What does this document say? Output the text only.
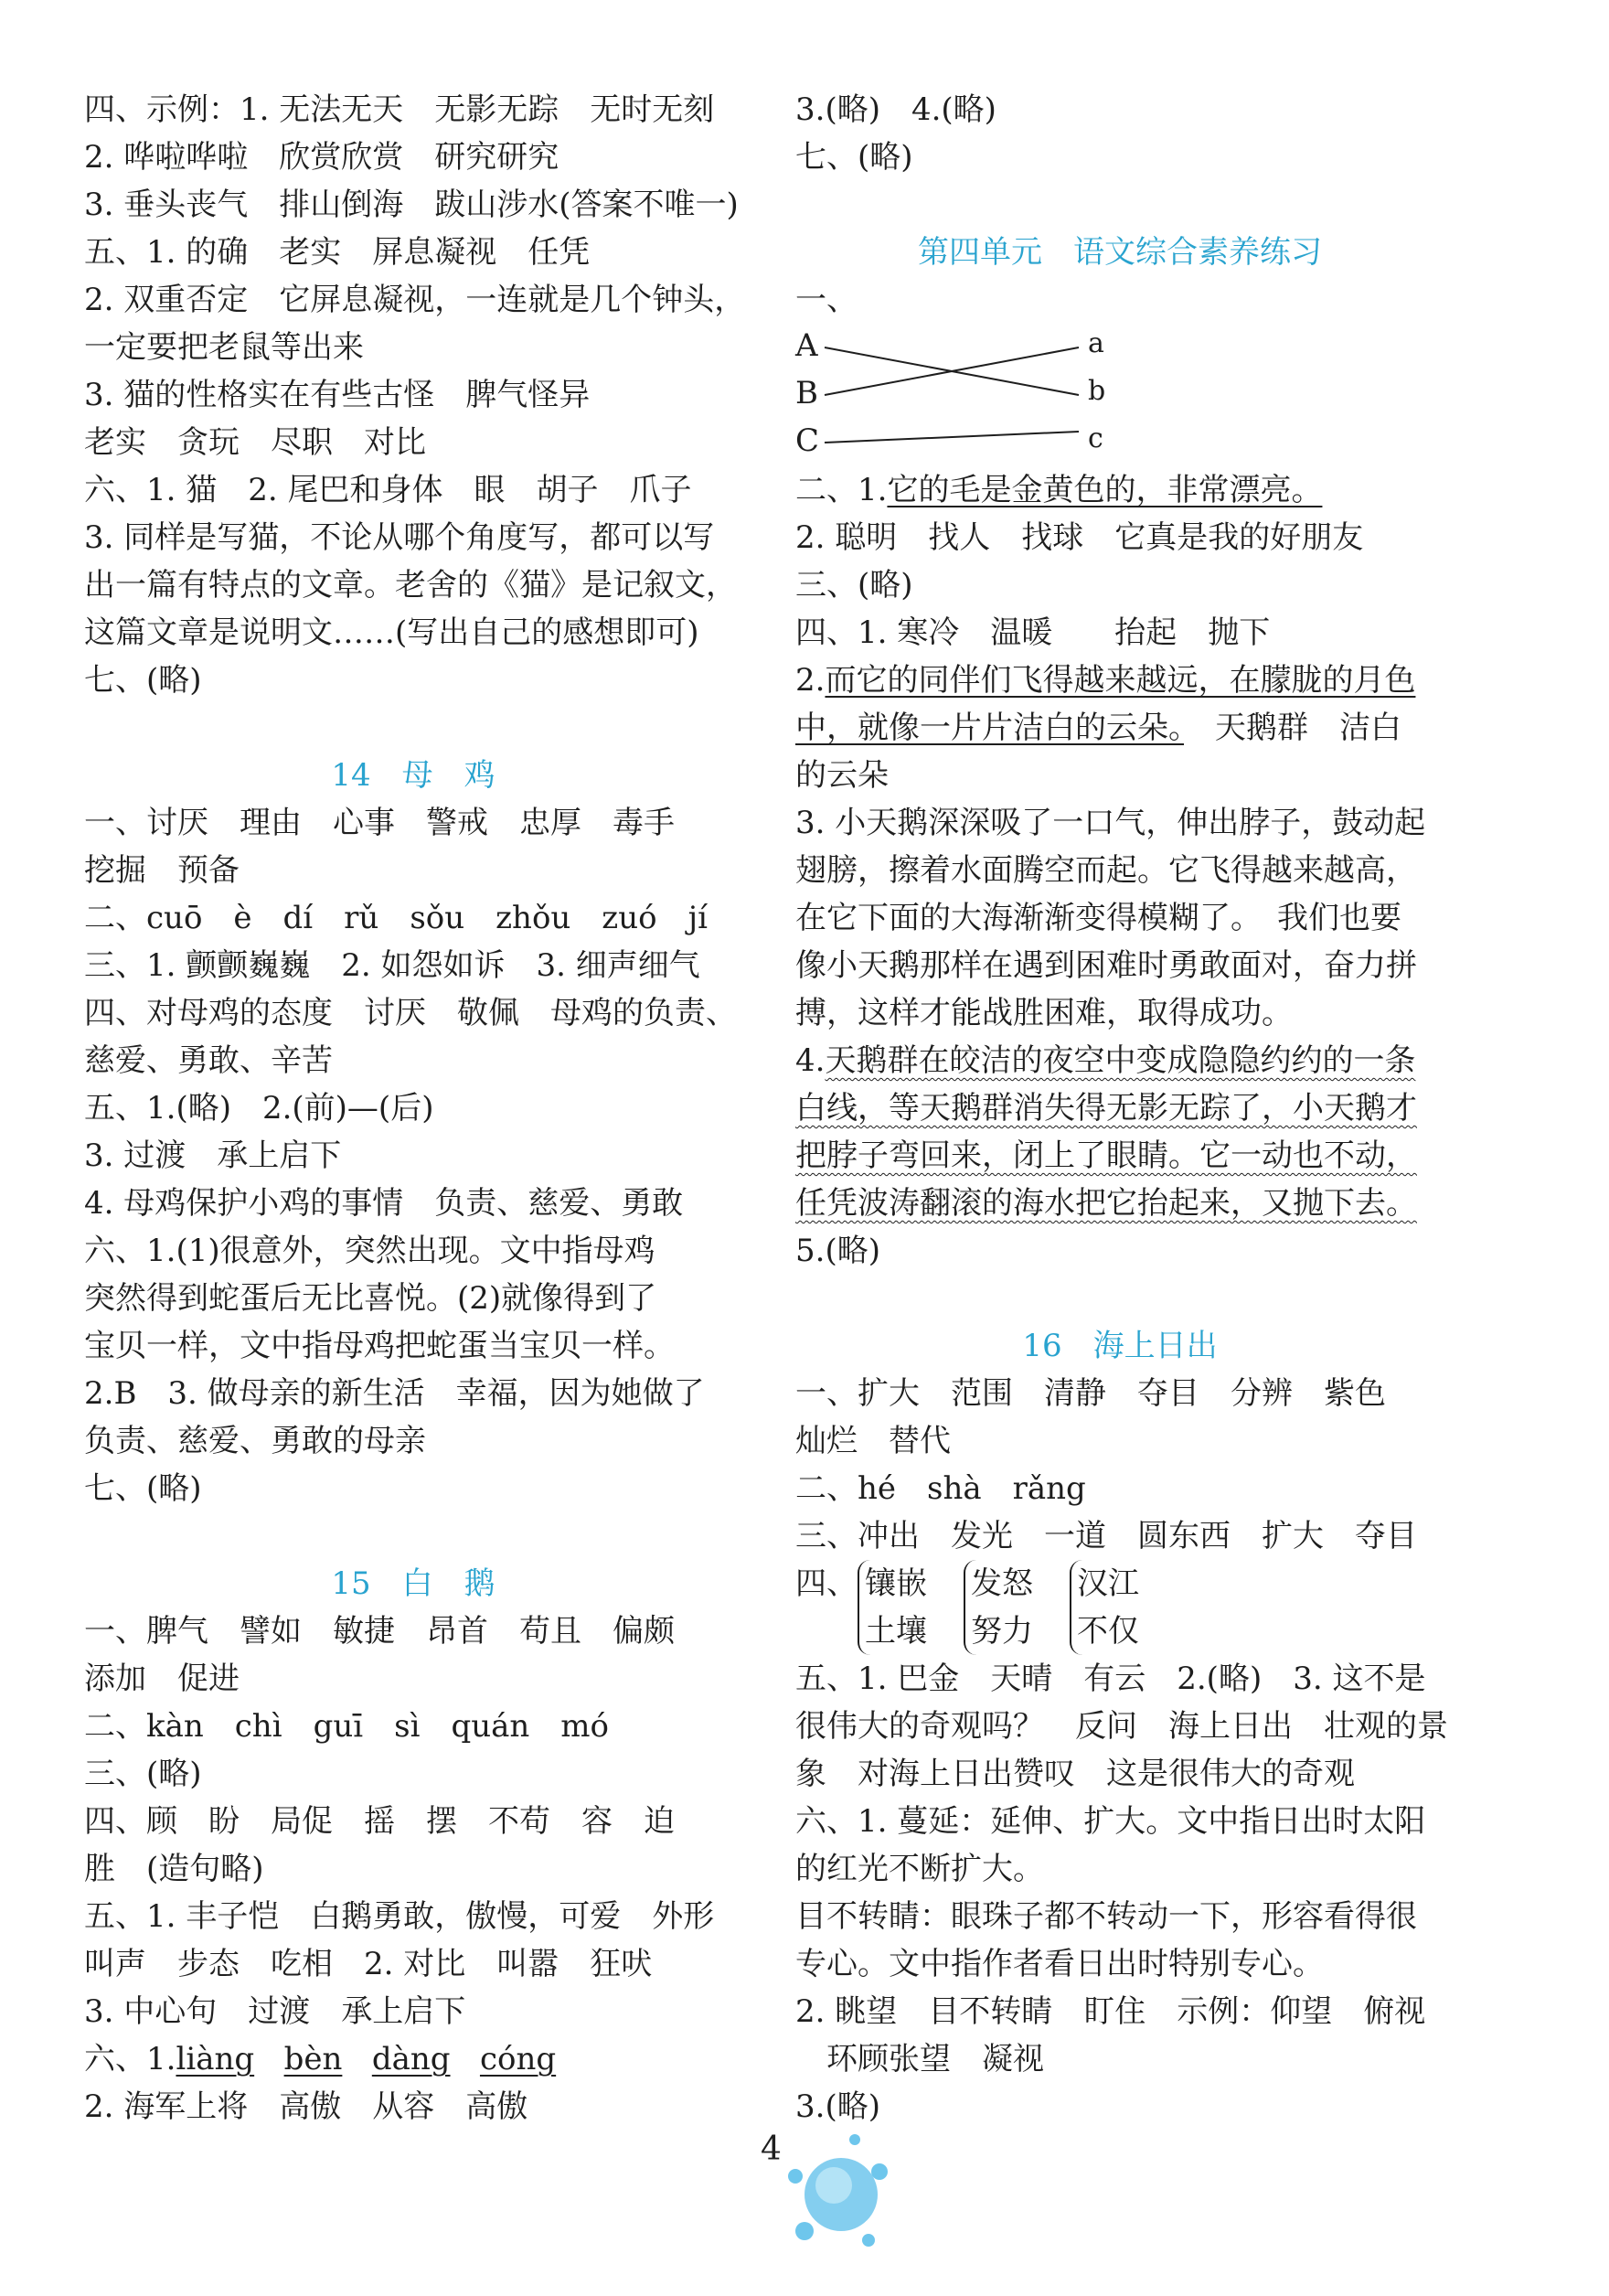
四、示例：1. 无法无天　无影无踪　无时无刻
2. 哗啦哗啦　欣赏欣赏　研究研究
3. 垂头丧气　排山倒海　跋山涉水(答案不唯一)
五、1. 的确　老实　屏息凝视　任凭
2. 双重否定　它屏息凝视，一连就是几个钟头，
一定要把老鼠等出来
3. 猫的性格实在有些古怪　脾气怪异
老实　贪玩　尽职　对比
六、1. 猫　2. 尾巴和身体　眼　胡子　爪子
3. 同样是写猫，不论从哪个角度写，都可以写
出一篇有特点的文章。老舍的《猫》是记叙文，
这篇文章是说明文……(写出自己的感想即可)
七、(略)
14　母　鸡
一、讨厌　理由　心事　警戒　忠厚　毒手
挖掘　预备
二、cuō　è　dí　rǔ　sǒu　zhǒu　zuó　jí
三、1. 颤颤巍巍　2. 如怨如诉　3. 细声细气
四、对母鸡的态度　讨厌　敬佩　母鸡的负责、
慈爱、勇敢、辛苦
五、1.(略)　2.(前)—(后)
3. 过渡　承上启下
4. 母鸡保护小鸡的事情　负责、慈爱、勇敢
六、1.(1)很意外，突然出现。文中指母鸡
突然得到蛇蛋后无比喜悦。(2)就像得到了
宝贝一样，文中指母鸡把蛇蛋当宝贝一样。
2.B　3. 做母亲的新生活　幸福，因为她做了
负责、慈爱、勇敢的母亲
七、(略)
15　白　鹅
一、脾气　譬如　敏捷　昂首　苟且　偏颇
添加　促进
二、kàn　chì　guī　sì　quán　mó
三、(略)
四、顾　盼　局促　摇　摆　不苟　容　迫
胜　(造句略)
五、1. 丰子恺　白鹅勇敢，傲慢，可爱　外形
叫声　步态　吃相　2. 对比　叫嚣　狂吠
3. 中心句　过渡　承上启下
六、1.liàng bèn dàng cóng
2. 海军上将　高傲　从容　高傲
3.(略)　4.(略)
七、(略)
第四单元　语文综合素养练习
一、
A
B
C
a
b
c
二、1.它的毛是金黄色的，非常漂亮。
2. 聪明　找人　找球　它真是我的好朋友
三、(略)
四、1. 寒冷　温暖　　抬起　抛下
2.而它的同伴们飞得越来越远，在朦胧的月色
中，就像一片片洁白的云朵。　天鹅群　洁白
的云朵
3. 小天鹅深深吸了一口气，伸出脖子，鼓动起
翅膀，擦着水面腾空而起。它飞得越来越高，
在它下面的大海渐渐变得模糊了。　我们也要
像小天鹅那样在遇到困难时勇敢面对，奋力拼
搏，这样才能战胜困难，取得成功。
4.天鹅群在皎洁的夜空中变成隐隐约约的一条
白线，等天鹅群消失得无影无踪了，小天鹅才
把脖子弯回来，闭上了眼睛。它一动也不动，
任凭波涛翻滚的海水把它抬起来，又抛下去。
5.(略)
16　海上日出
一、扩大　范围　清静　夺目　分辨　紫色
灿烂　替代
二、hé　shà　rǎng
三、冲出　发光　一道　圆东西　扩大　夺目
四、 镶嵌
土壤发怒
努力汉江
不仅
五、1. 巴金　天晴　有云　2.(略)　3. 这不是
很伟大的奇观吗？　反问　海上日出　壮观的景
象　对海上日出赞叹　这是很伟大的奇观
六、1. 蔓延：延伸、扩大。文中指日出时太阳
的红光不断扩大。
目不转睛：眼珠子都不转动一下，形容看得很
专心。文中指作者看日出时特别专心。
2. 眺望　目不转睛　盯住　示例：仰望　俯视
　环顾张望　凝视
3.(略)
4
